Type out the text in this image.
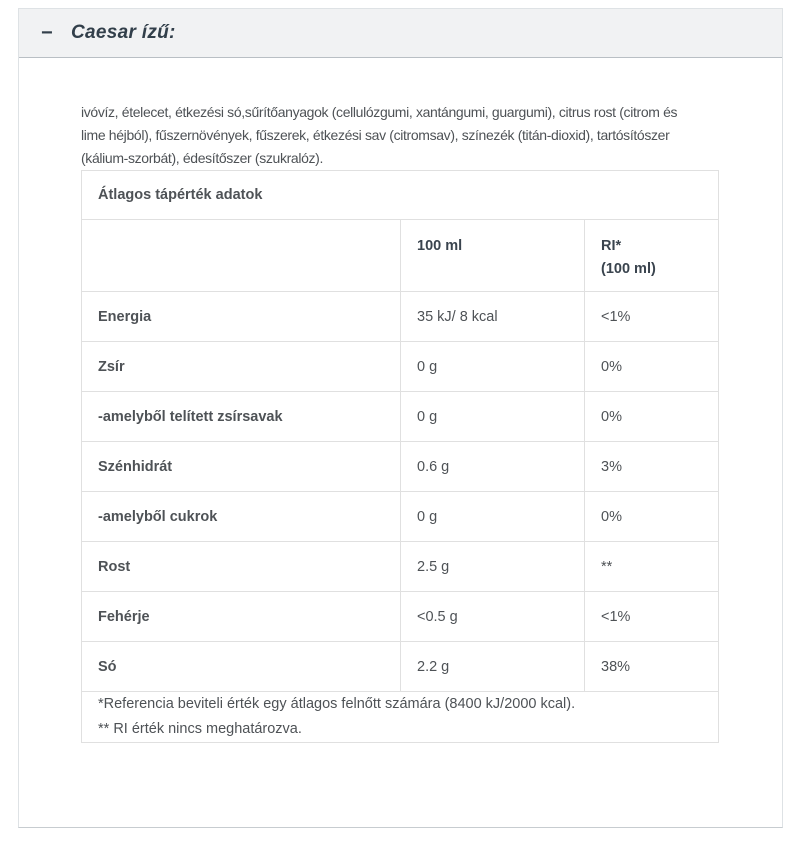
− Caesar ízű:
ivóvíz, ételecet, étkezési só,sűrítőanyagok (cellulózgumi, xantángumi, guargumi), citrus rost (citrom és
lime héjból), fűszernövények, fűszerek, étkezési sav (citromsav), színezék (titán-dioxid), tartósítószer
(kálium-szorbát), édesítőszer (szukralóz).
Átlagos tápérték adatok		
	100 ml	RI*
(100 ml)

Energia	35 kJ/ 8 kcal	<1%
Zsír	0 g	0%
-amelyből telített zsírsavak	0 g	0%
Szénhidrát	0.6 g	3%
-amelyből cukrok	0 g	0%
Rost	2.5 g	**
Fehérje	<0.5 g	<1%
Só	2.2 g	38%

*Referencia beviteli érték egy átlagos felnőtt számára (8400 kJ/2000 kcal).
** RI érték nincs meghatározva.		
